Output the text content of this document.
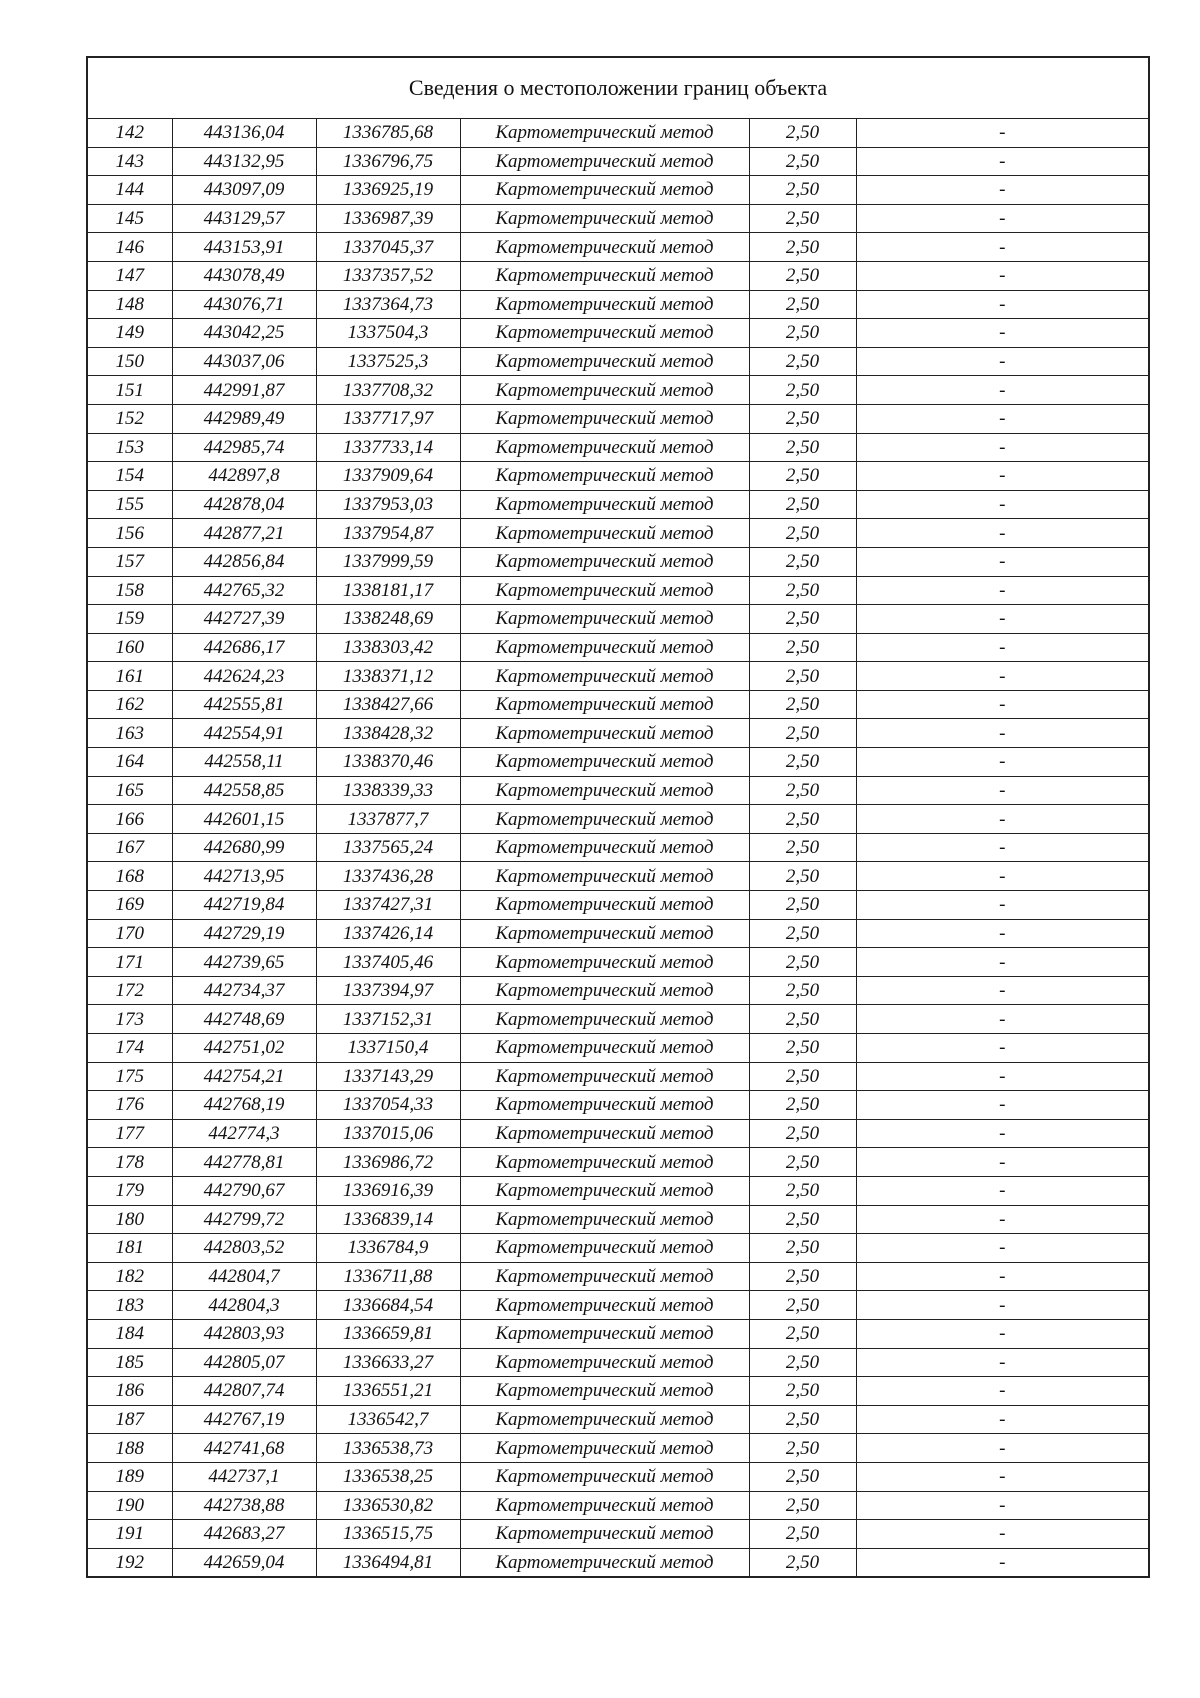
Сведения о местоположении границ объекта					
142	443136,04	1336785,68	Картометрический метод	2,50	-
143	443132,95	1336796,75	Картометрический метод	2,50	-
144	443097,09	1336925,19	Картометрический метод	2,50	-
145	443129,57	1336987,39	Картометрический метод	2,50	-
146	443153,91	1337045,37	Картометрический метод	2,50	-
147	443078,49	1337357,52	Картометрический метод	2,50	-
148	443076,71	1337364,73	Картометрический метод	2,50	-
149	443042,25	1337504,3	Картометрический метод	2,50	-
150	443037,06	1337525,3	Картометрический метод	2,50	-
151	442991,87	1337708,32	Картометрический метод	2,50	-
152	442989,49	1337717,97	Картометрический метод	2,50	-
153	442985,74	1337733,14	Картометрический метод	2,50	-
154	442897,8	1337909,64	Картометрический метод	2,50	-
155	442878,04	1337953,03	Картометрический метод	2,50	-
156	442877,21	1337954,87	Картометрический метод	2,50	-
157	442856,84	1337999,59	Картометрический метод	2,50	-
158	442765,32	1338181,17	Картометрический метод	2,50	-
159	442727,39	1338248,69	Картометрический метод	2,50	-
160	442686,17	1338303,42	Картометрический метод	2,50	-
161	442624,23	1338371,12	Картометрический метод	2,50	-
162	442555,81	1338427,66	Картометрический метод	2,50	-
163	442554,91	1338428,32	Картометрический метод	2,50	-
164	442558,11	1338370,46	Картометрический метод	2,50	-
165	442558,85	1338339,33	Картометрический метод	2,50	-
166	442601,15	1337877,7	Картометрический метод	2,50	-
167	442680,99	1337565,24	Картометрический метод	2,50	-
168	442713,95	1337436,28	Картометрический метод	2,50	-
169	442719,84	1337427,31	Картометрический метод	2,50	-
170	442729,19	1337426,14	Картометрический метод	2,50	-
171	442739,65	1337405,46	Картометрический метод	2,50	-
172	442734,37	1337394,97	Картометрический метод	2,50	-
173	442748,69	1337152,31	Картометрический метод	2,50	-
174	442751,02	1337150,4	Картометрический метод	2,50	-
175	442754,21	1337143,29	Картометрический метод	2,50	-
176	442768,19	1337054,33	Картометрический метод	2,50	-
177	442774,3	1337015,06	Картометрический метод	2,50	-
178	442778,81	1336986,72	Картометрический метод	2,50	-
179	442790,67	1336916,39	Картометрический метод	2,50	-
180	442799,72	1336839,14	Картометрический метод	2,50	-
181	442803,52	1336784,9	Картометрический метод	2,50	-
182	442804,7	1336711,88	Картометрический метод	2,50	-
183	442804,3	1336684,54	Картометрический метод	2,50	-
184	442803,93	1336659,81	Картометрический метод	2,50	-
185	442805,07	1336633,27	Картометрический метод	2,50	-
186	442807,74	1336551,21	Картометрический метод	2,50	-
187	442767,19	1336542,7	Картометрический метод	2,50	-
188	442741,68	1336538,73	Картометрический метод	2,50	-
189	442737,1	1336538,25	Картометрический метод	2,50	-
190	442738,88	1336530,82	Картометрический метод	2,50	-
191	442683,27	1336515,75	Картометрический метод	2,50	-
192	442659,04	1336494,81	Картометрический метод	2,50	-
